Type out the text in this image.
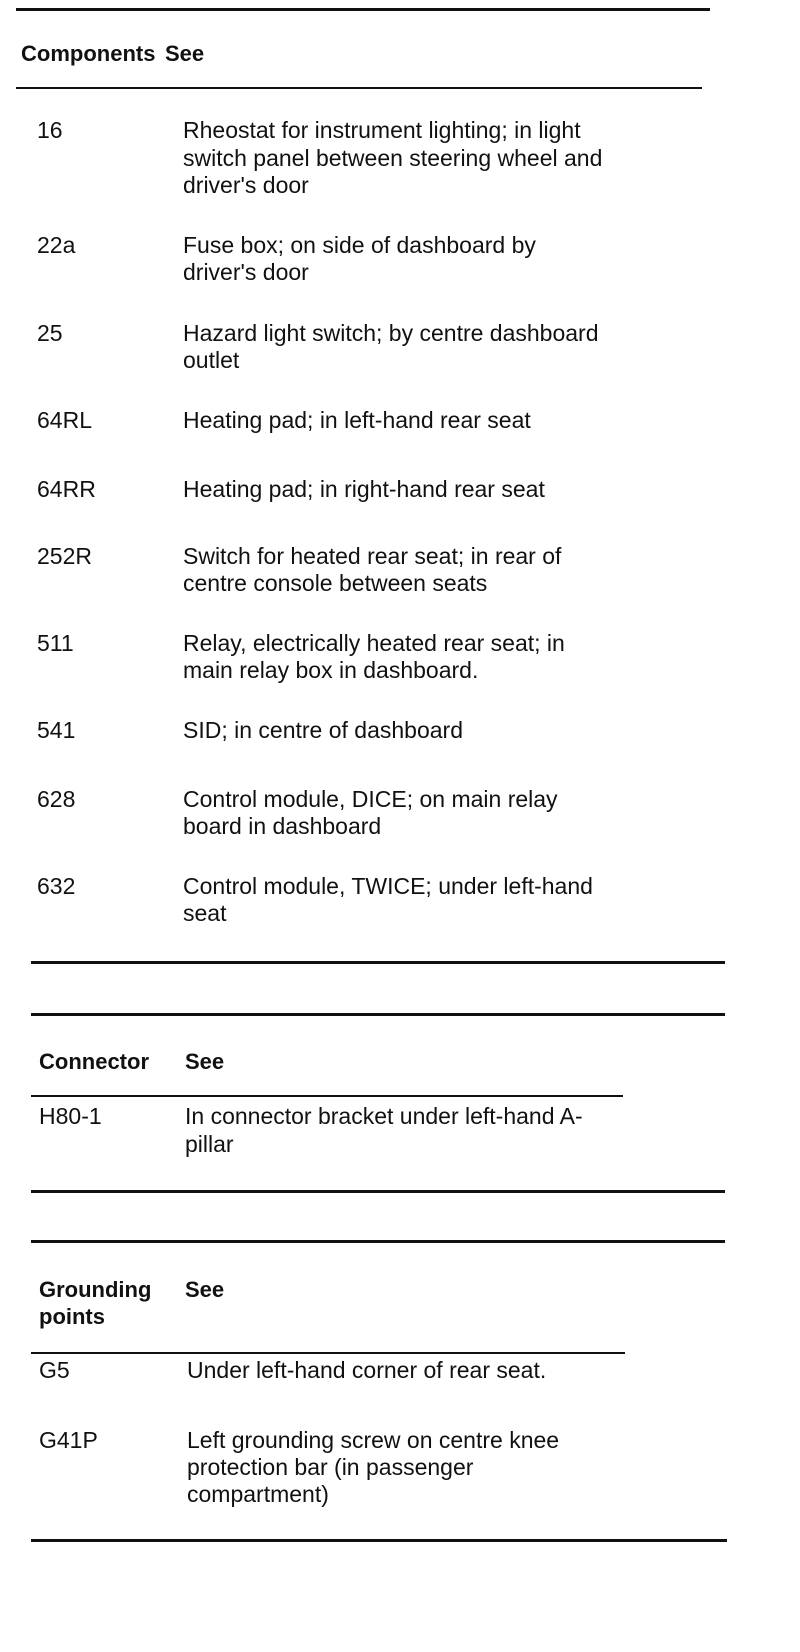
Components See
16	Rheostat for instrument lighting; in light
switch panel between steering wheel and
driver's door
22a	Fuse box; on side of dashboard by
driver's door
25	Hazard light switch; by centre dashboard
outlet
64RL	Heating pad; in left-hand rear seat
64RR	Heating pad; in right-hand rear seat
252R	Switch for heated rear seat; in rear of
centre console between seats
511	Relay, electrically heated rear seat; in
main relay box in dashboard.
541	SID; in centre of dashboard
628	Control module, DICE; on main relay
board in dashboard
632	Control module, TWICE; under left-hand
seat
Connector See
H80-1	In connector bracket under left-hand A-
pillar
Grounding
points
See
G5	Under left-hand corner of rear seat.
G41P	Left grounding screw on centre knee
protection bar (in passenger
compartment)
